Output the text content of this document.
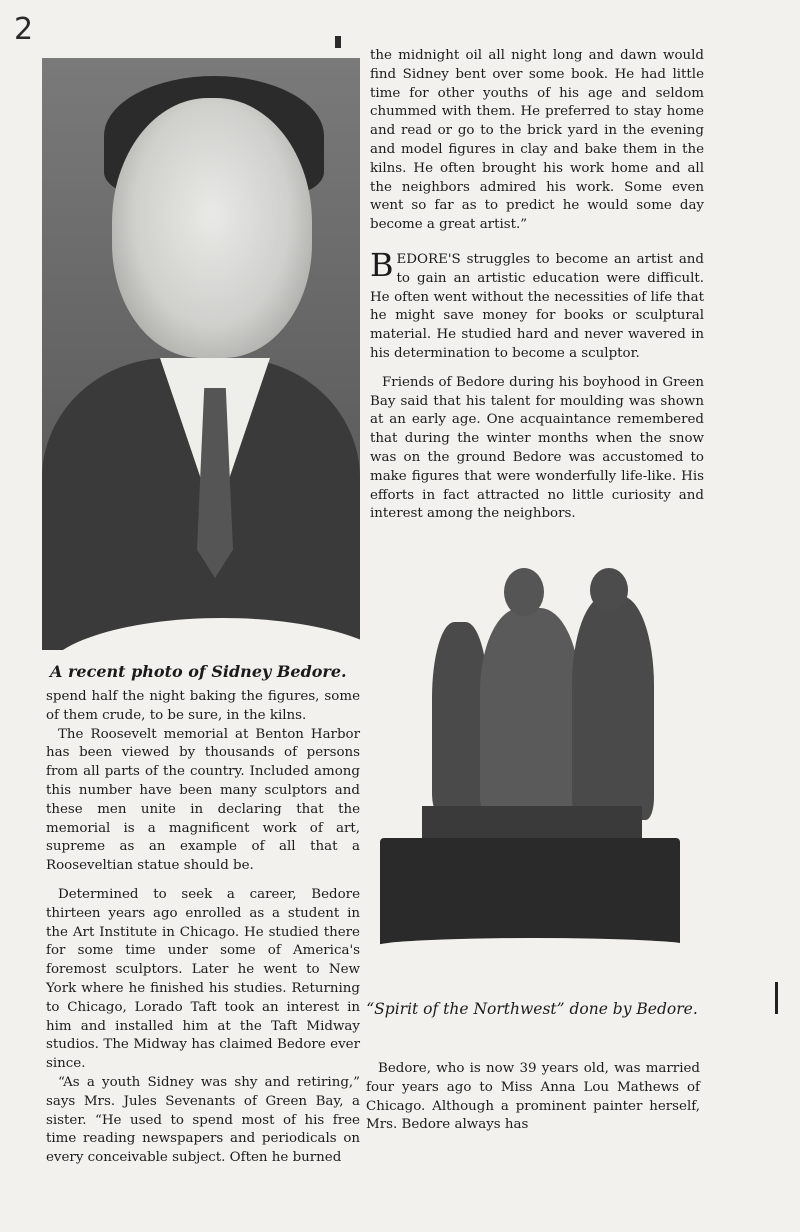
2
A recent photo of Sidney Bedore.

the midnight oil all night long and dawn would find Sidney bent over some book. He had little time for other youths of his age and seldom chummed with them. He preferred to stay home and read or go to the brick yard in the evening and model figures in clay and bake them in the kilns. He often brought his work home and all the neighbors admired his work. Some even went so far as to predict he would some day become a great artist.”

BEDORE'S struggles to become an artist and to gain an artistic education were difficult. He often went without the necessities of life that he might save money for books or sculptural material. He studied hard and never wavered in his determination to become a sculptor.

Friends of Bedore during his boyhood in Green Bay said that his talent for moulding was shown at an early age. One acquaintance remembered that during the winter months when the snow was on the ground Bedore was accustomed to make figures that were wonderfully life-like. His efforts in fact attracted no little curiosity and interest among the neighbors.

“Spirit of the Northwest” done by Bedore.

spend half the night baking the figures, some of them crude, to be sure, in the kilns.

The Roosevelt memorial at Benton Harbor has been viewed by thousands of persons from all parts of the country. Included among this number have been many sculptors and these men unite in declaring that the memorial is a magnificent work of art, supreme as an example of all that a Rooseveltian statue should be.

Determined to seek a career, Bedore thirteen years ago enrolled as a student in the Art Institute in Chicago. He studied there for some time under some of America's foremost sculptors. Later he went to New York where he finished his studies. Returning to Chicago, Lorado Taft took an interest in him and installed him at the Taft Midway studios. The Midway has claimed Bedore ever since.

“As a youth Sidney was shy and retiring,” says Mrs. Jules Sevenants of Green Bay, a sister. “He used to spend most of his free time reading newspapers and periodicals on every conceivable subject. Often he burned

Bedore, who is now 39 years old, was married four years ago to Miss Anna Lou Mathews of Chicago. Although a prominent painter herself, Mrs. Bedore always has
